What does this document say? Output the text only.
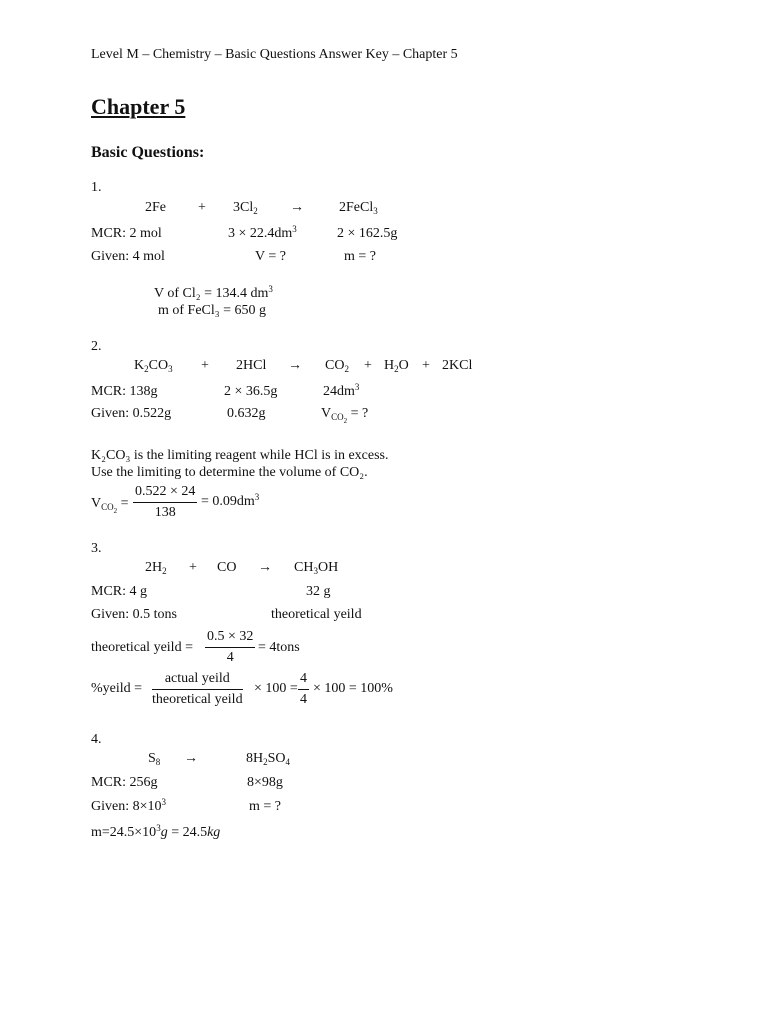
Level M – Chemistry – Basic Questions Answer Key – Chapter 5
Chapter 5
Basic Questions:
1.
$2Fe + 3Cl_2$ →	2FeCl$_3$
MCR: 2 mol	$3 \times 22.4dm^3$	2 × 162.5g
Given: 4 mol	V = ?	m = ?
V of Cl₂ = 134.4 $dm^3$
m of FeCl₃ = 650 g
2.
$K_2CO_3 + 2HCl \to CO_2 + H_2O + 2KCl$
MCR: 138g	2 × 36.5g	$24dm^3$
Given: 0.522g	0.632g	$V_{CO_2}$ = ?
K₂CO₃ is the limiting reagent while HCl is in excess.
Use the limiting to determine the volume of CO₂.
$V_{CO_2} = \frac{0.522 \times 24}{138} = 0.09dm^3$
3.
$2H_2$ + CO → $CH_3OH$
MCR: 4 g	32 g
Given: 0.5 tons	theoretical yeild
theoretical yeild = $\frac{0.5 \times 32}{4}$ = 4tons
%yeild =
actual yeild
theoretical yeild
× $100 = \frac{4}{4} \times 100 = 100\%$
4.
$S_8$ →	$8H_2SO_4$
MCR: 256g	8×98g
Given: $8\times 10^3$	m = ?
$m=24.5\times 10^3g = 24.5kg$
